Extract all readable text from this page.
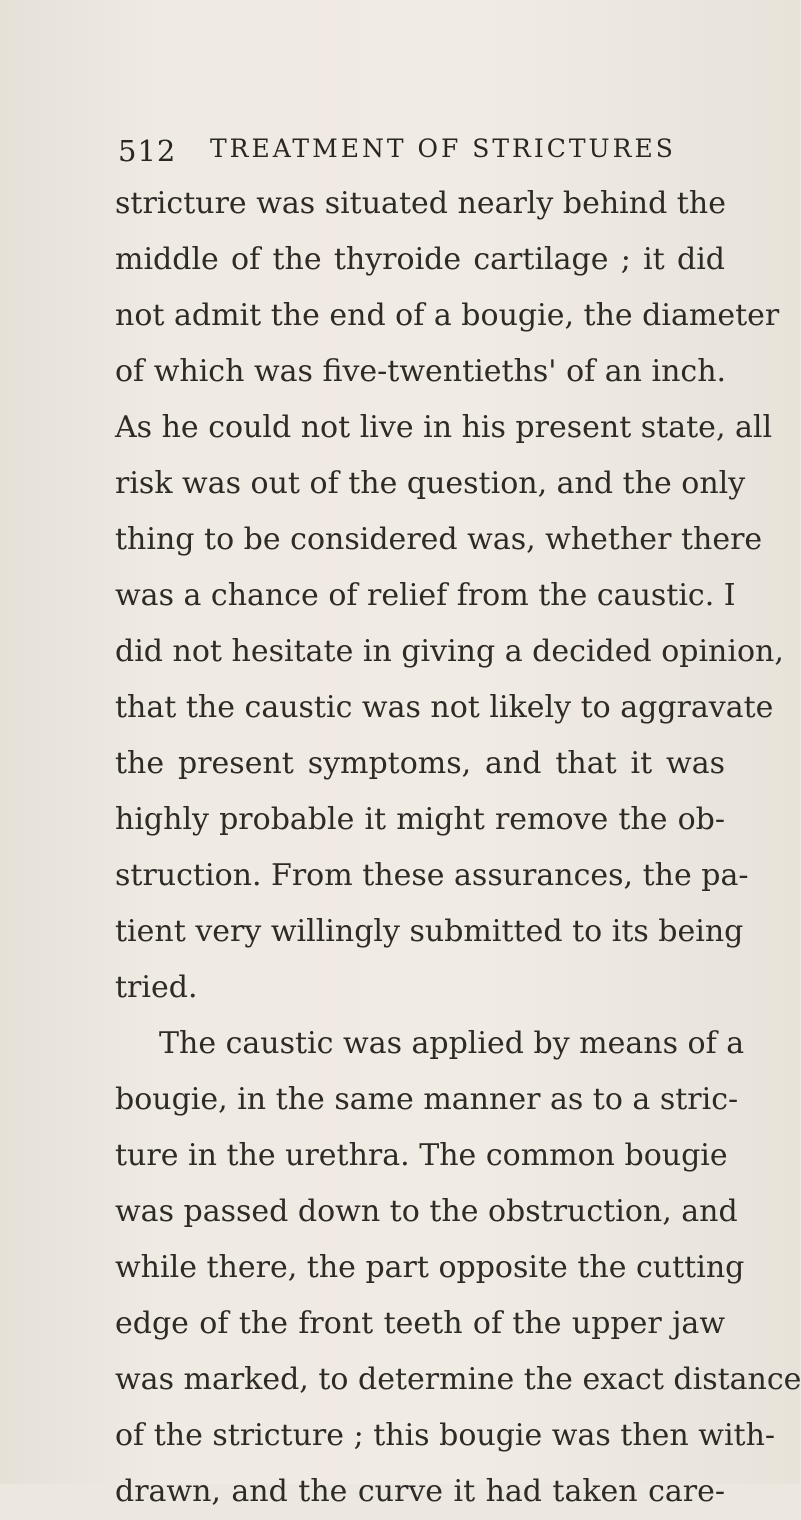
512 TREATMENT OF STRICTURES
stricture was situated nearly behind the
middle of the thyroide cartilage ; it did
not admit the end of a bougie, the diameter
of which was five-twentieths' of an inch.
As he could not live in his present state, all
risk was out of the question, and the only
thing to be considered was, whether there
was a chance of relief from the caustic. I
did not hesitate in giving a decided opinion,
that the caustic was not likely to aggravate
the present symptoms, and that it was
highly probable it might remove the ob-
struction. From these assurances, the pa-
tient very willingly submitted to its being
tried.
The caustic was applied by means of a
bougie, in the same manner as to a stric-
ture in the urethra. The common bougie
was passed down to the obstruction, and
while there, the part opposite the cutting
edge of the front teeth of the upper jaw
was marked, to determine the exact distance
of the stricture ; this bougie was then with-
drawn, and the curve it had taken care-
